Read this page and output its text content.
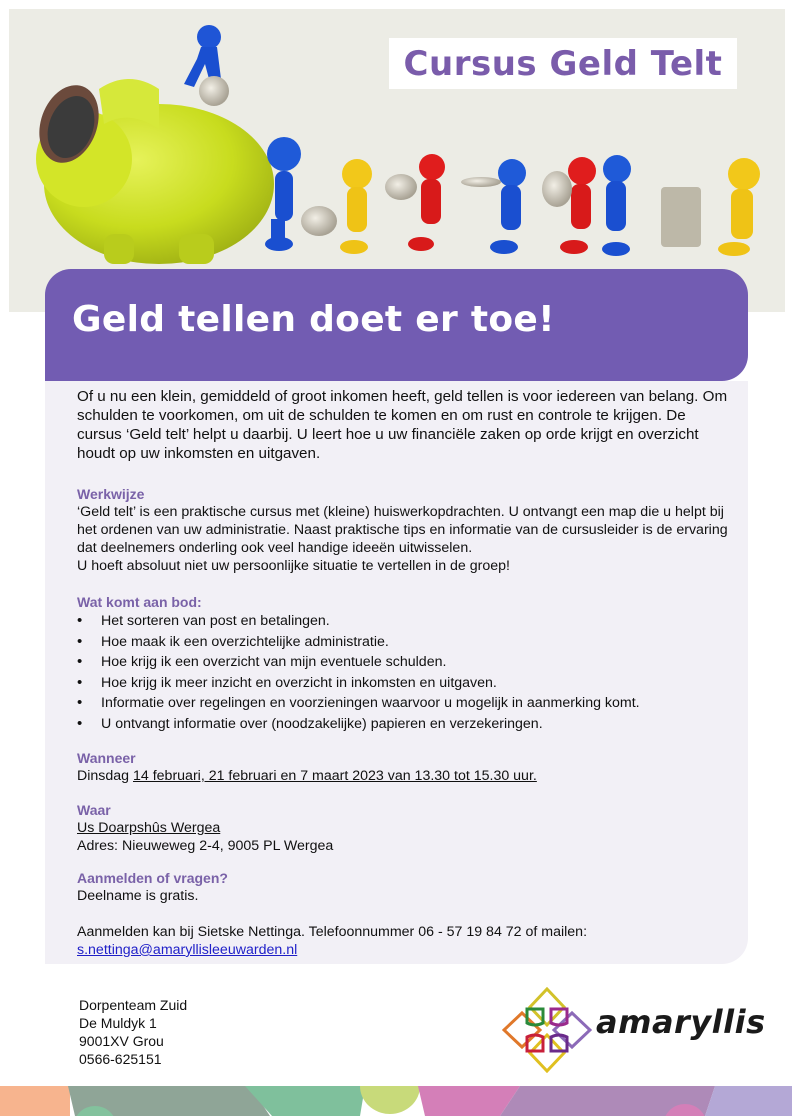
Cursus Geld Telt
Geld tellen doet er toe!
Of u nu een klein, gemiddeld of groot inkomen heeft, geld tellen is voor iedereen van belang. Om schulden te voorkomen, om uit de schulden te komen en om rust en controle te krijgen. De cursus ‘Geld telt’ helpt u daarbij. U leert hoe u uw financiële zaken op orde krijgt en overzicht houdt op uw inkomsten en uitgaven.
Werkwijze
‘Geld telt’ is een praktische cursus met (kleine) huiswerkopdrachten. U ontvangt een map die u helpt bij het ordenen van uw administratie. Naast praktische tips en informatie van de cursusleider is de ervaring dat deelnemers onderling ook veel handige ideeën uitwisselen.
U hoeft absoluut niet uw persoonlijke situatie te vertellen in de groep!
Wat komt aan bod:
• Het sorteren van post en betalingen.
• Hoe maak ik een overzichtelijke administratie.
• Hoe krijg ik een overzicht van mijn eventuele schulden.
• Hoe krijg ik meer inzicht en overzicht in inkomsten en uitgaven.
• Informatie over regelingen en voorzieningen waarvoor u mogelijk in aanmerking komt.
• U ontvangt informatie over (noodzakelijke) papieren en verzekeringen.
Wanneer
Dinsdag 14 februari, 21 februari en 7 maart 2023 van 13.30 tot 15.30 uur.
Waar
Us Doarpshûs Wergea
Adres: Nieuweweg 2-4, 9005 PL Wergea
Aanmelden of vragen?
Deelname is gratis.
Aanmelden kan bij Sietske Nettinga. Telefoonnummer 06 - 57 19 84 72 of mailen:
s.nettinga@amaryllisleeuwarden.nl
Dorpenteam Zuid
De Muldyk 1
9001XV Grou
0566-625151
amaryllis
